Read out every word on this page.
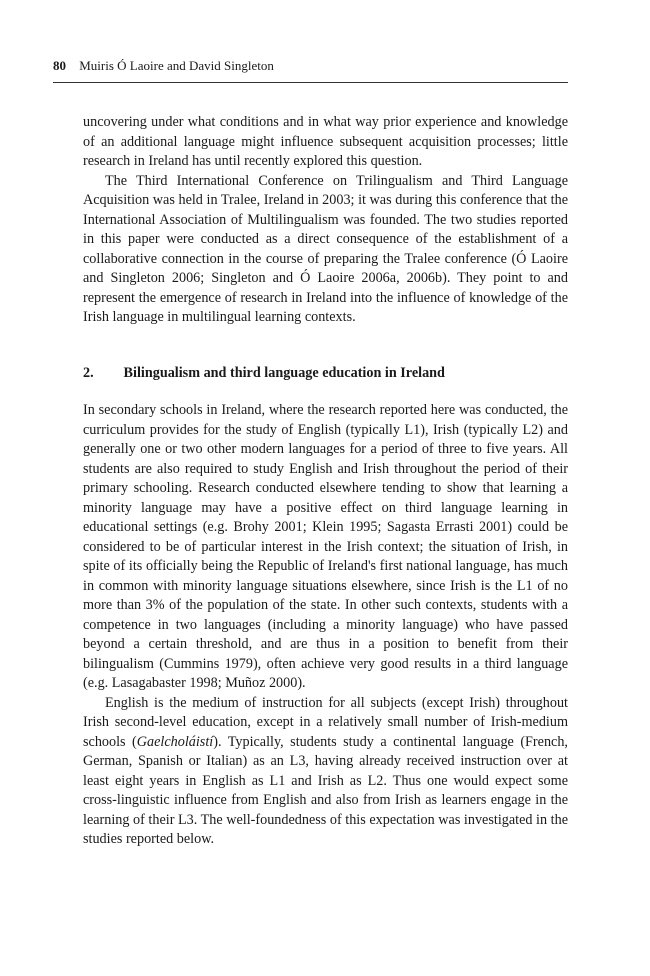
80 Muiris Ó Laoire and David Singleton

uncovering under what conditions and in what way prior experience and knowledge of an additional language might influence subsequent acquisition processes; little research in Ireland has until recently explored this question.

The Third International Conference on Trilingualism and Third Language Acquisition was held in Tralee, Ireland in 2003; it was during this conference that the International Association of Multilingualism was founded. The two studies reported in this paper were conducted as a direct consequence of the establishment of a collaborative connection in the course of preparing the Tralee conference (Ó Laoire and Singleton 2006; Singleton and Ó Laoire 2006a, 2006b). They point to and represent the emergence of research in Ireland into the influence of knowledge of the Irish language in multilingual learning contexts.

2. Bilingualism and third language education in Ireland

In secondary schools in Ireland, where the research reported here was conducted, the curriculum provides for the study of English (typically L1), Irish (typically L2) and generally one or two other modern languages for a period of three to five years. All students are also required to study English and Irish throughout the period of their primary schooling. Research conducted elsewhere tending to show that learning a minority language may have a positive effect on third language learning in educational settings (e.g. Brohy 2001; Klein 1995; Sagasta Errasti 2001) could be considered to be of particular interest in the Irish context; the situation of Irish, in spite of its officially being the Republic of Ireland's first national language, has much in common with minority language situations elsewhere, since Irish is the L1 of no more than 3% of the population of the state. In other such contexts, students with a competence in two languages (including a minority language) who have passed beyond a certain threshold, and are thus in a position to benefit from their bilingualism (Cummins 1979), often achieve very good results in a third language (e.g. Lasagabaster 1998; Muñoz 2000).

English is the medium of instruction for all subjects (except Irish) throughout Irish second-level education, except in a relatively small number of Irish-medium schools (Gaelcholáistí). Typically, students study a continental language (French, German, Spanish or Italian) as an L3, having already received instruction over at least eight years in English as L1 and Irish as L2. Thus one would expect some cross-linguistic influence from English and also from Irish as learners engage in the learning of their L3. The well-foundedness of this expectation was investigated in the studies reported below.
